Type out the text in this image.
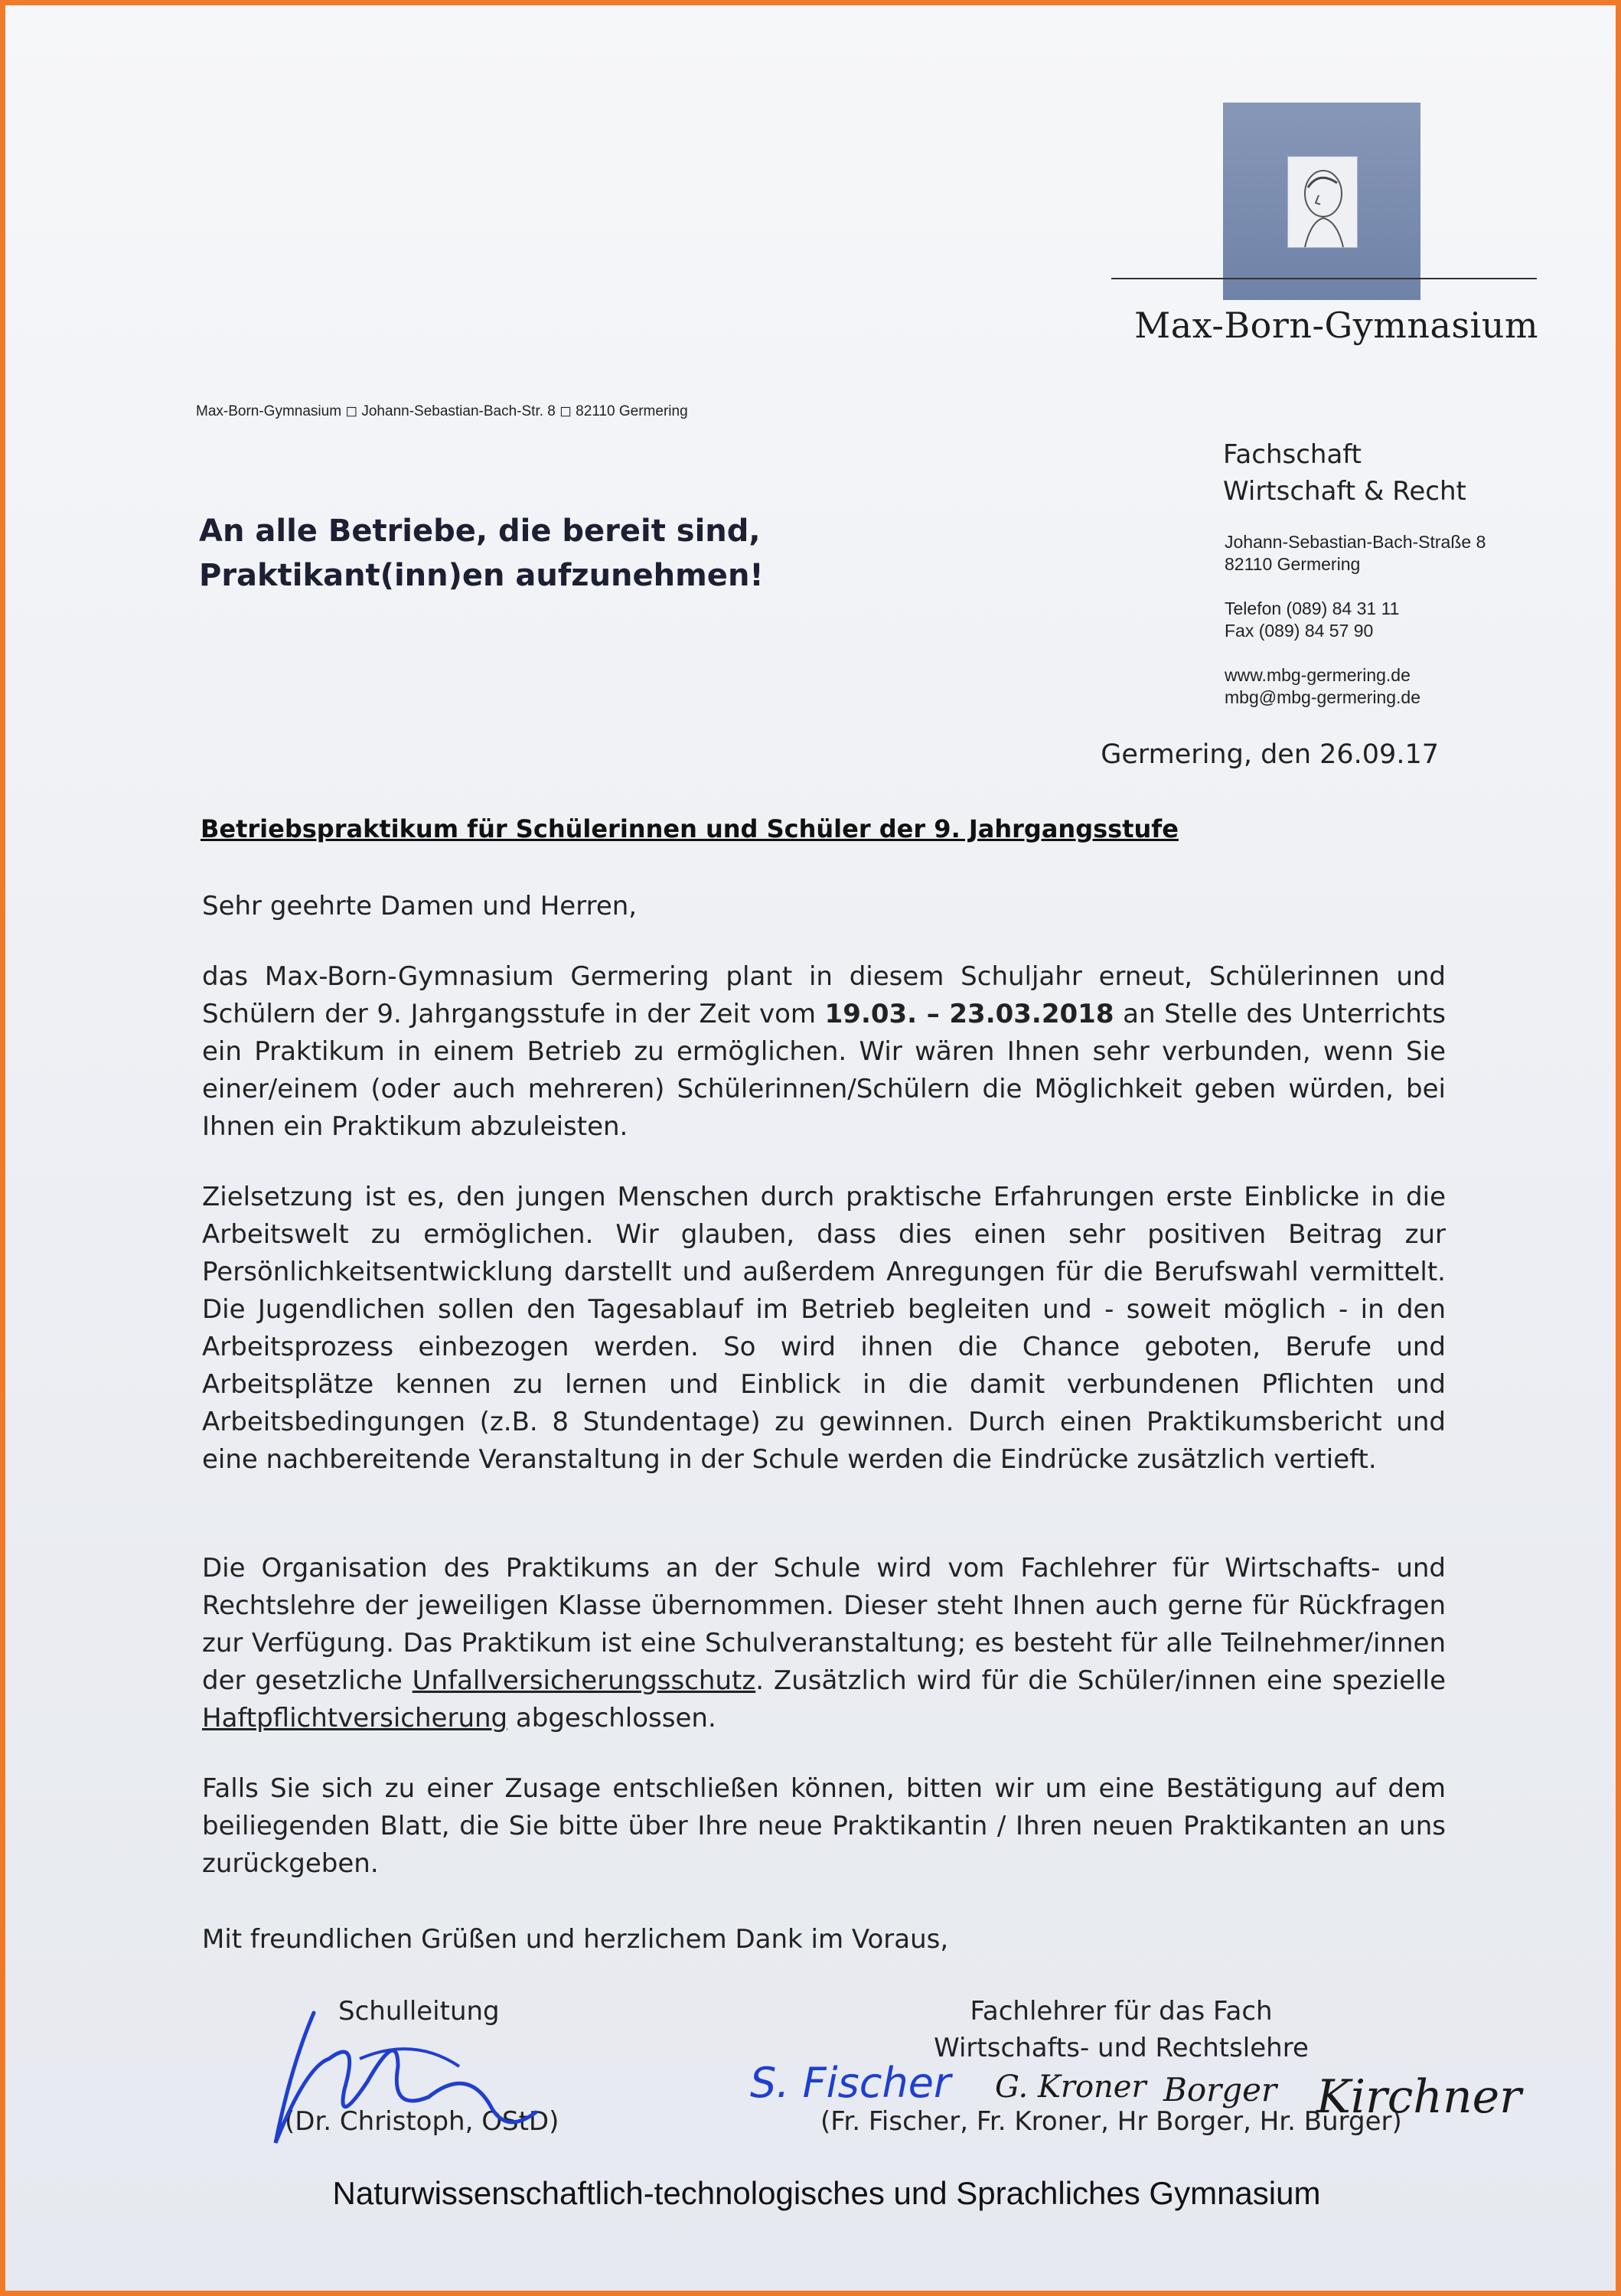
Max-Born-Gymnasium
Max-Born-Gymnasium ◻ Johann-Sebastian-Bach-Str. 8 ◻ 82110 Germering
Fachschaft
Wirtschaft & Recht
Johann-Sebastian-Bach-Straße 8
82110 Germering
Telefon (089) 84 31 11
Fax (089) 84 57 90
www.mbg-germering.de
mbg@mbg-germering.de
An alle Betriebe, die bereit sind,
Praktikant(inn)en aufzunehmen!
Germering, den 26.09.17
Betriebspraktikum für Schülerinnen und Schüler der 9. Jahrgangsstufe
Sehr geehrte Damen und Herren,
das Max-Born-Gymnasium Germering plant in diesem Schuljahr erneut, Schülerinnen und Schülern der 9. Jahrgangsstufe in der Zeit vom 19.03. – 23.03.2018 an Stelle des Unterrichts ein Praktikum in einem Betrieb zu ermöglichen. Wir wären Ihnen sehr verbunden, wenn Sie einer/einem (oder auch mehreren) Schülerinnen/Schülern die Möglichkeit geben würden, bei Ihnen ein Praktikum abzuleisten.
Zielsetzung ist es, den jungen Menschen durch praktische Erfahrungen erste Einblicke in die Arbeitswelt zu ermöglichen. Wir glauben, dass dies einen sehr positiven Beitrag zur Persönlichkeitsentwicklung darstellt und außerdem Anregungen für die Berufswahl vermittelt. Die Jugendlichen sollen den Tagesablauf im Betrieb begleiten und - soweit möglich - in den Arbeitsprozess einbezogen werden. So wird ihnen die Chance geboten, Berufe und Arbeitsplätze kennen zu lernen und Einblick in die damit verbundenen Pflichten und Arbeitsbedingungen (z.B. 8 Stundentage) zu gewinnen. Durch einen Praktikumsbericht und eine nachbereitende Veranstaltung in der Schule werden die Eindrücke zusätzlich vertieft.
Die Organisation des Praktikums an der Schule wird vom Fachlehrer für Wirtschafts- und Rechtslehre der jeweiligen Klasse übernommen. Dieser steht Ihnen auch gerne für Rückfragen zur Verfügung. Das Praktikum ist eine Schulveranstaltung; es besteht für alle Teilnehmer/innen der gesetzliche Unfallversicherungsschutz. Zusätzlich wird für die Schüler/innen eine spezielle Haftpflichtversicherung abgeschlossen.
Falls Sie sich zu einer Zusage entschließen können, bitten wir um eine Bestätigung auf dem beiliegenden Blatt, die Sie bitte über Ihre neue Praktikantin / Ihren neuen Praktikanten an uns zurückgeben.
Mit freundlichen Grüßen und herzlichem Dank im Voraus,
Schulleitung
(Dr. Christoph, OStD)
Fachlehrer für das Fach
Wirtschafts- und Rechtslehre
(Fr. Fischer, Fr. Kroner, Hr Borger, Hr. Burger)
S. Fischer G. Kroner Borger Kirchner
Naturwissenschaftlich-technologisches und Sprachliches Gymnasium
